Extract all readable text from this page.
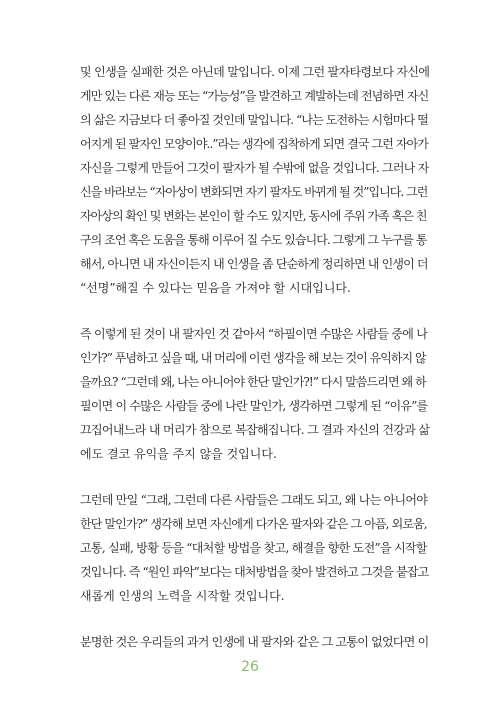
및 인생을 실패한 것은 아닌데 말입니다. 이제 그런 팔자타령보다 자신에
게만 있는 다른 재능 또는 “가능성”을 발견하고 계발하는데 전념하면 자신
의 삶은 지금보다 더 좋아질 것인데 말입니다. “나는 도전하는 시험마다 떨
어지게 된 팔자인 모양이야..”라는 생각에 집착하게 되면 결국 그런 자아가
자신을 그렇게 만들어 그것이 팔자가 될 수밖에 없을 것입니다. 그러나 자
신을 바라보는 “자아상이 변화되면 자기 팔자도 바뀌게 될 것”입니다. 그런
자아상의 확인 및 변화는 본인이 할 수도 있지만, 동시에 주위 가족 혹은 친
구의 조언 혹은 도움을 통해 이루어 질 수도 있습니다. 그렇게 그 누구를 통
해서, 아니면 내 자신이든지 내 인생을 좀 단순하게 정리하면 내 인생이 더
“선명”해질 수 있다는 믿음을 가져야 할 시대입니다.
즉 이렇게 된 것이 내 팔자인 것 같아서 “하필이면 수많은 사람들 중에 나
인가?” 푸념하고 싶을 때, 내 머리에 이런 생각을 해 보는 것이 유익하지 않
을까요? “그런데 왜, 나는 아니어야 한단 말인가?!” 다시 말씀드리면 왜 하
필이면 이 수많은 사람들 중에 나란 말인가, 생각하면 그렇게 된 “이유”를
끄집어내느라 내 머리가 참으로 복잡해집니다. 그 결과 자신의 건강과 삶
에도 결코 유익을 주지 않을 것입니다.
그런데 만일 “그래, 그런데 다른 사람들은 그래도 되고, 왜 나는 아니어야
한단 말인가?” 생각해 보면 자신에게 다가온 팔자와 같은 그 아픔, 외로움,
고통, 실패, 방황 등을 “대처할 방법을 찾고, 해결을 향한 도전”을 시작할
것입니다. 즉 “원인 파악”보다는 대처방법을 찾아 발견하고 그것을 붙잡고
새롭게 인생의 노력을 시작할 것입니다.
분명한 것은 우리들의 과거 인생에 내 팔자와 같은 그 고통이 없었다면 이
26
